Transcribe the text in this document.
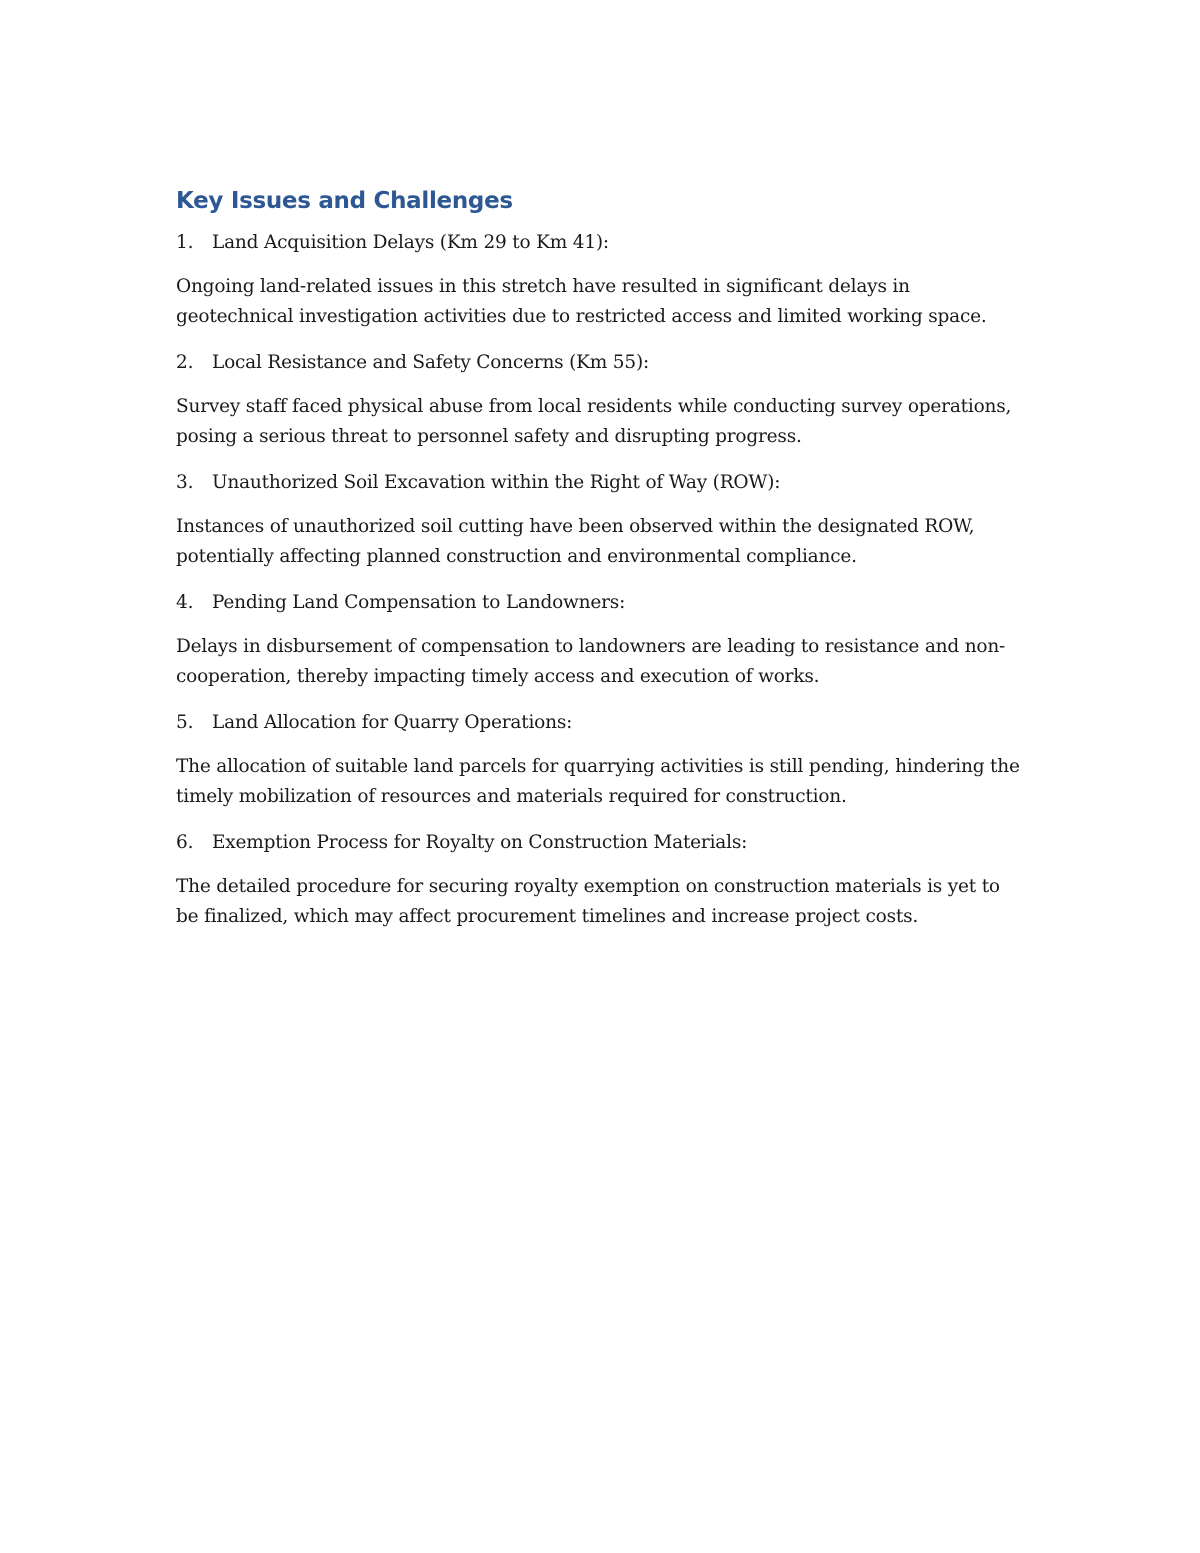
Key Issues and Challenges

1.	Land Acquisition Delays (Km 29 to Km 41):

Ongoing land-related issues in this stretch have resulted in significant delays in geotechnical investigation activities due to restricted access and limited working space.

2.	Local Resistance and Safety Concerns (Km 55):

Survey staff faced physical abuse from local residents while conducting survey operations, posing a serious threat to personnel safety and disrupting progress.

3.	Unauthorized Soil Excavation within the Right of Way (ROW):

Instances of unauthorized soil cutting have been observed within the designated ROW, potentially affecting planned construction and environmental compliance.

4.	Pending Land Compensation to Landowners:

Delays in disbursement of compensation to landowners are leading to resistance and non-cooperation, thereby impacting timely access and execution of works.

5.	Land Allocation for Quarry Operations:

The allocation of suitable land parcels for quarrying activities is still pending, hindering the timely mobilization of resources and materials required for construction.

6.	Exemption Process for Royalty on Construction Materials:

The detailed procedure for securing royalty exemption on construction materials is yet to be finalized, which may affect procurement timelines and increase project costs.
